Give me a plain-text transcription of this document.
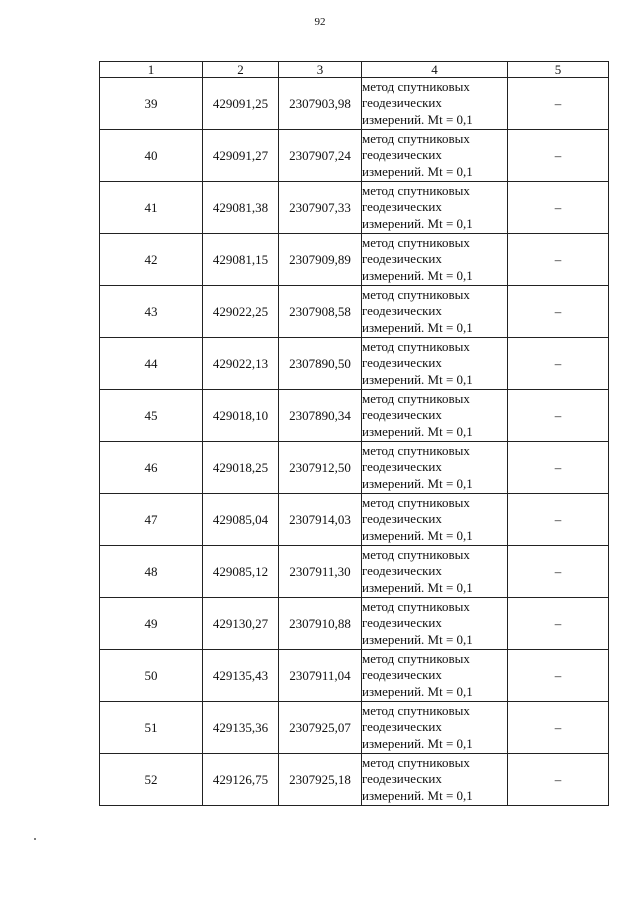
92
1	2	3	4	5
39	429091,25	2307903,98	метод спутниковых
геодезических
измерений. Mt = 0,1	–
40	429091,27	2307907,24	метод спутниковых
геодезических
измерений. Mt = 0,1	–
41	429081,38	2307907,33	метод спутниковых
геодезических
измерений. Mt = 0,1	–
42	429081,15	2307909,89	метод спутниковых
геодезических
измерений. Mt = 0,1	–
43	429022,25	2307908,58	метод спутниковых
геодезических
измерений. Mt = 0,1	–
44	429022,13	2307890,50	метод спутниковых
геодезических
измерений. Mt = 0,1	–
45	429018,10	2307890,34	метод спутниковых
геодезических
измерений. Mt = 0,1	–
46	429018,25	2307912,50	метод спутниковых
геодезических
измерений. Mt = 0,1	–
47	429085,04	2307914,03	метод спутниковых
геодезических
измерений. Mt = 0,1	–
48	429085,12	2307911,30	метод спутниковых
геодезических
измерений. Mt = 0,1	–
49	429130,27	2307910,88	метод спутниковых
геодезических
измерений. Mt = 0,1	–
50	429135,43	2307911,04	метод спутниковых
геодезических
измерений. Mt = 0,1	–
51	429135,36	2307925,07	метод спутниковых
геодезических
измерений. Mt = 0,1	–
52	429126,75	2307925,18	метод спутниковых
геодезических
измерений. Mt = 0,1	–
